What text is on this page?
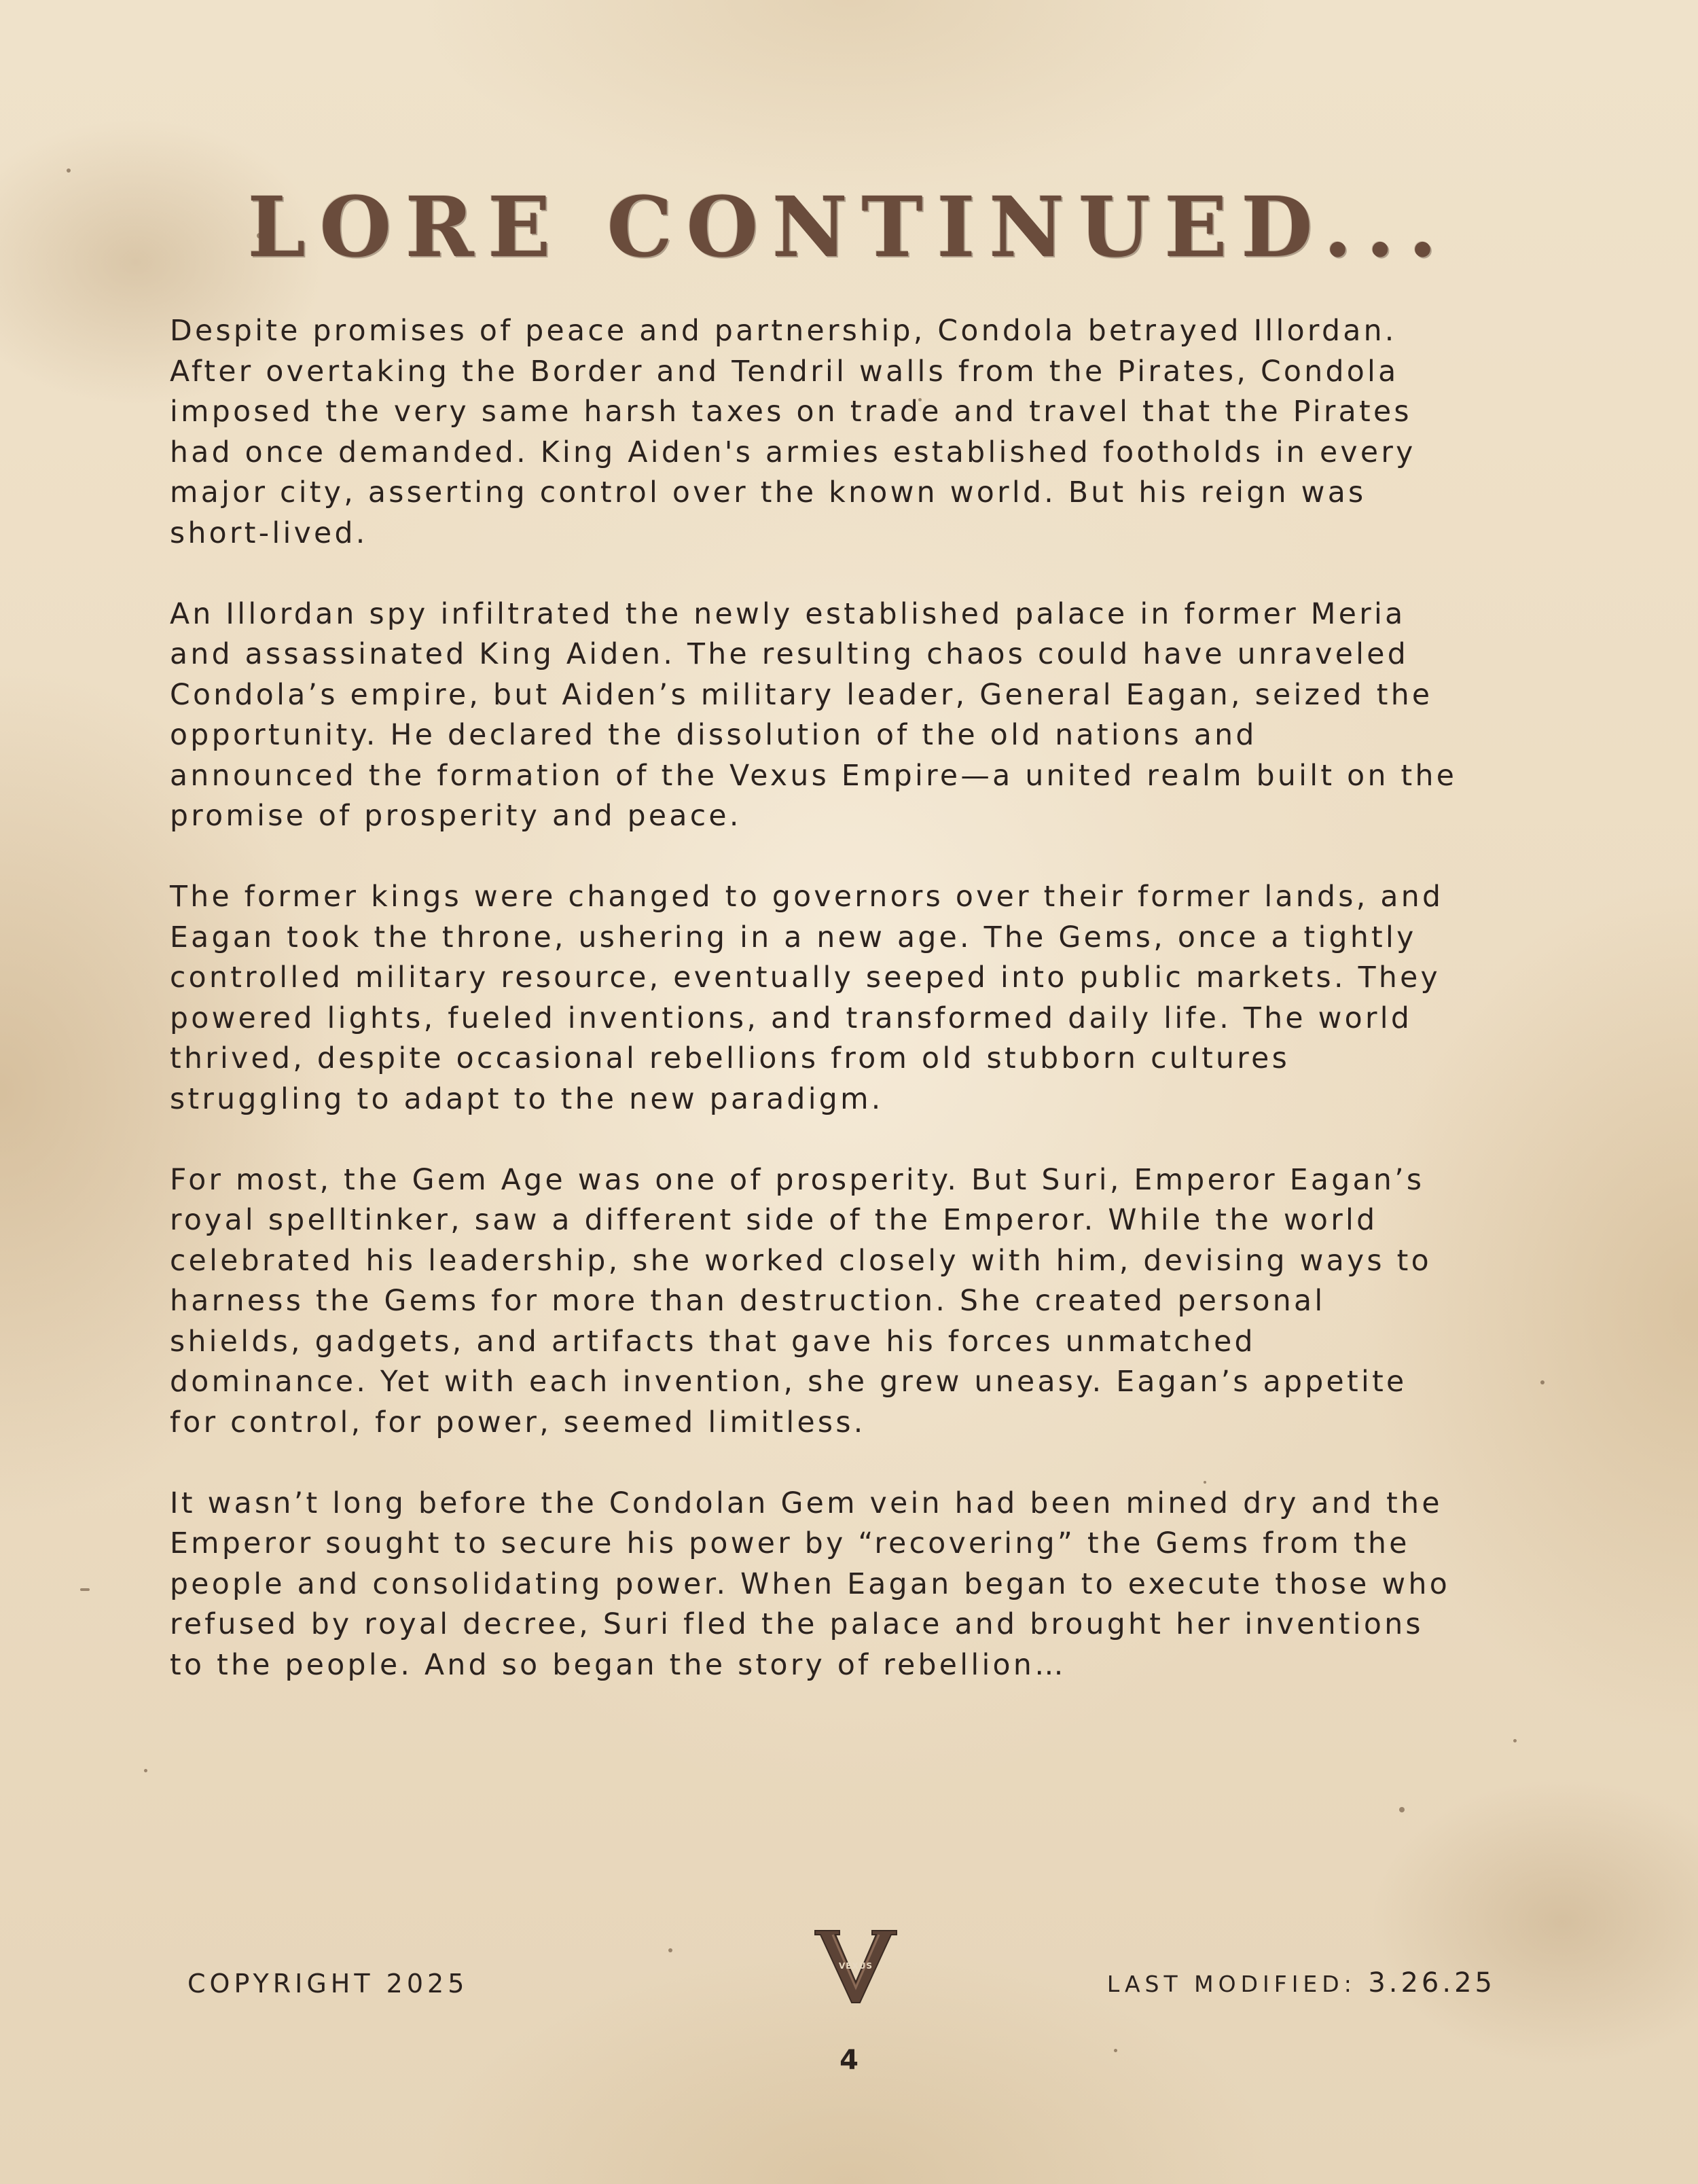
LORE CONTINUED...

Despite promises of peace and partnership, Condola betrayed Illordan.
After overtaking the Border and Tendril walls from the Pirates, Condola
imposed the very same harsh taxes on trade and travel that the Pirates
had once demanded. King Aiden's armies established footholds in every
major city, asserting control over the known world. But his reign was
short-lived.

An Illordan spy infiltrated the newly established palace in former Meria
and assassinated King Aiden. The resulting chaos could have unraveled
Condola’s empire, but Aiden’s military leader, General Eagan, seized the
opportunity. He declared the dissolution of the old nations and
announced the formation of the Vexus Empire—a united realm built on the
promise of prosperity and peace.

The former kings were changed to governors over their former lands, and
Eagan took the throne, ushering in a new age. The Gems, once a tightly
controlled military resource, eventually seeped into public markets. They
powered lights, fueled inventions, and transformed daily life. The world
thrived, despite occasional rebellions from old stubborn cultures
struggling to adapt to the new paradigm.

For most, the Gem Age was one of prosperity. But Suri, Emperor Eagan’s
royal spelltinker, saw a different side of the Emperor. While the world
celebrated his leadership, she worked closely with him, devising ways to
harness the Gems for more than destruction. She created personal
shields, gadgets, and artifacts that gave his forces unmatched
dominance. Yet with each invention, she grew uneasy. Eagan’s appetite
for control, for power, seemed limitless.

It wasn’t long before the Condolan Gem vein had been mined dry and the
Emperor sought to secure his power by “recovering” the Gems from the
people and consolidating power. When Eagan began to execute those who
refused by royal decree, Suri fled the palace and brought her inventions
to the people. And so began the story of rebellion…

COPYRIGHT 2025
VEXUS
LAST MODIFIED: 3.26.25
4
